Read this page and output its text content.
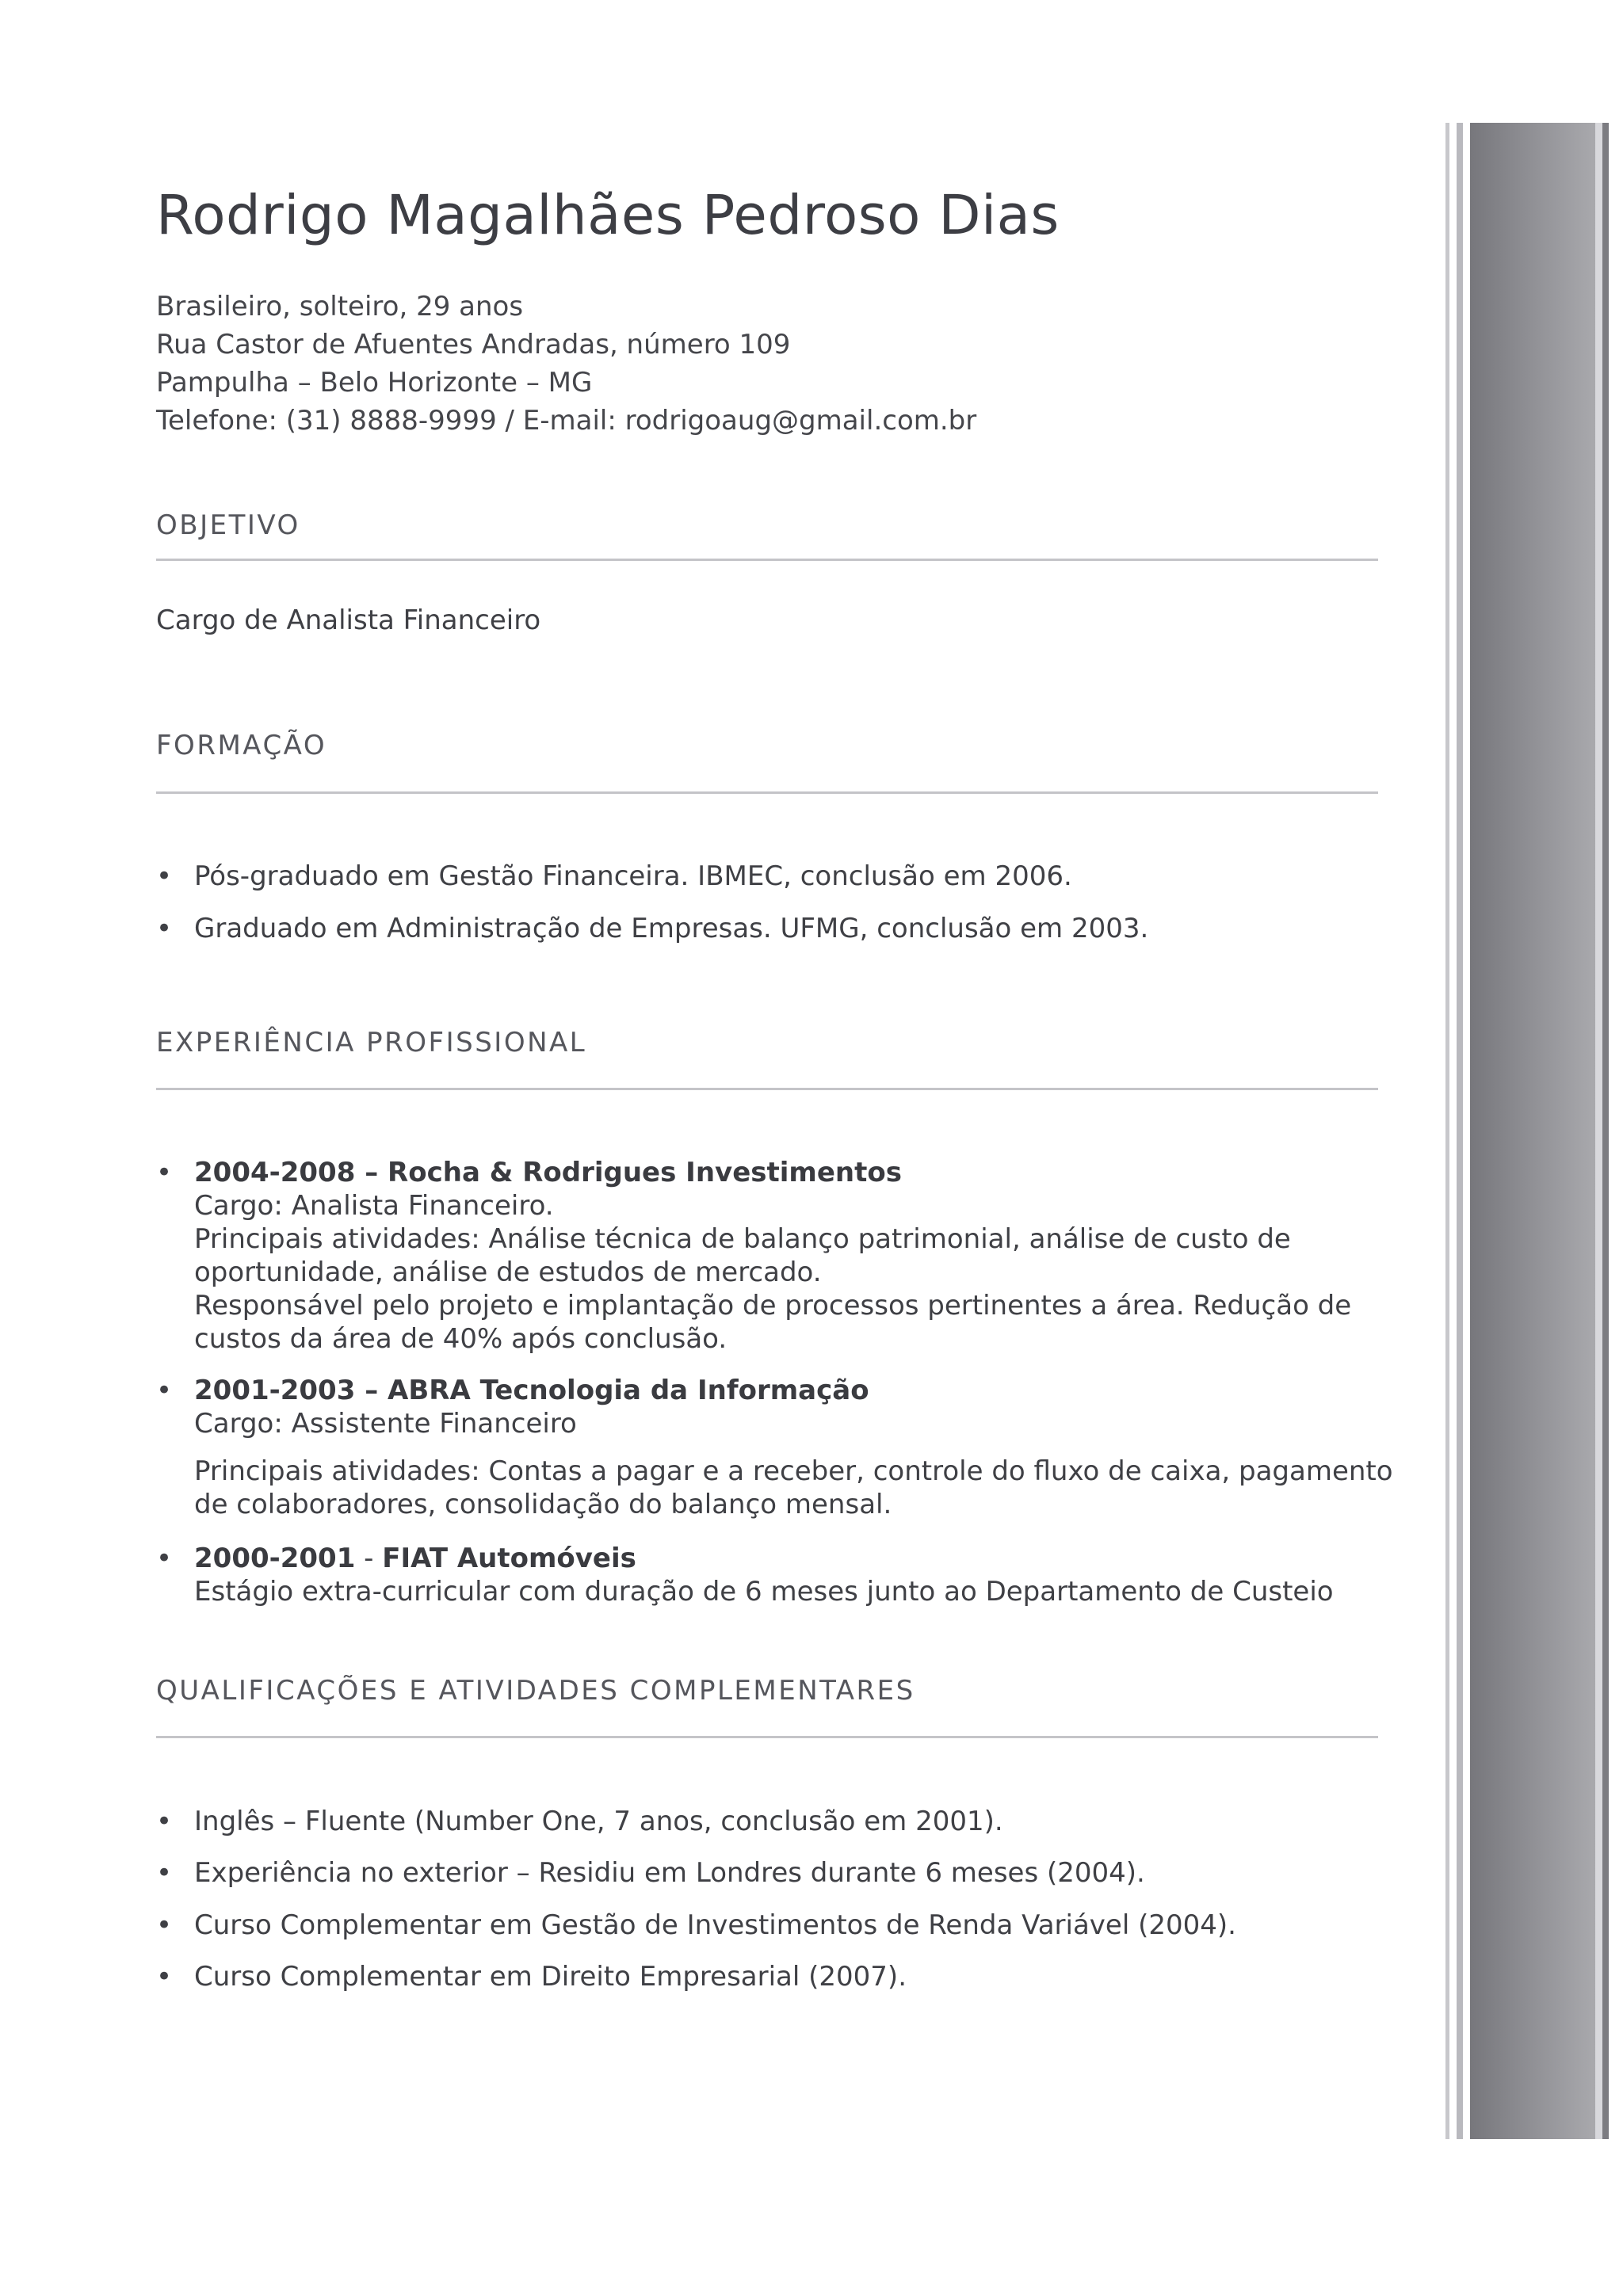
Rodrigo Magalhães Pedroso Dias
Brasileiro, solteiro, 29 anos
Rua Castor de Afuentes Andradas, número 109
Pampulha – Belo Horizonte – MG
Telefone: (31) 8888-9999 / E-mail: rodrigoaug@gmail.com.br
OBJETIVO
Cargo de Analista Financeiro
FORMAÇÃO
• Pós-graduado em Gestão Financeira. IBMEC, conclusão em 2006.
• Graduado em Administração de Empresas. UFMG, conclusão em 2003.
EXPERIÊNCIA PROFISSIONAL
• 2004-2008 – Rocha & Rodrigues Investimentos
Cargo: Analista Financeiro.
Principais atividades: Análise técnica de balanço patrimonial, análise de custo de
oportunidade, análise de estudos de mercado.
Responsável pelo projeto e implantação de processos pertinentes a área. Redução de
custos da área de 40% após conclusão.
• 2001-2003 – ABRA Tecnologia da Informação
Cargo: Assistente Financeiro
Principais atividades: Contas a pagar e a receber, controle do fluxo de caixa, pagamento
de colaboradores, consolidação do balanço mensal.
• 2000-2001 - FIAT Automóveis
Estágio extra-curricular com duração de 6 meses junto ao Departamento de Custeio
QUALIFICAÇÕES E ATIVIDADES COMPLEMENTARES
• Inglês – Fluente (Number One, 7 anos, conclusão em 2001).
• Experiência no exterior – Residiu em Londres durante 6 meses (2004).
• Curso Complementar em Gestão de Investimentos de Renda Variável (2004).
• Curso Complementar em Direito Empresarial (2007).
